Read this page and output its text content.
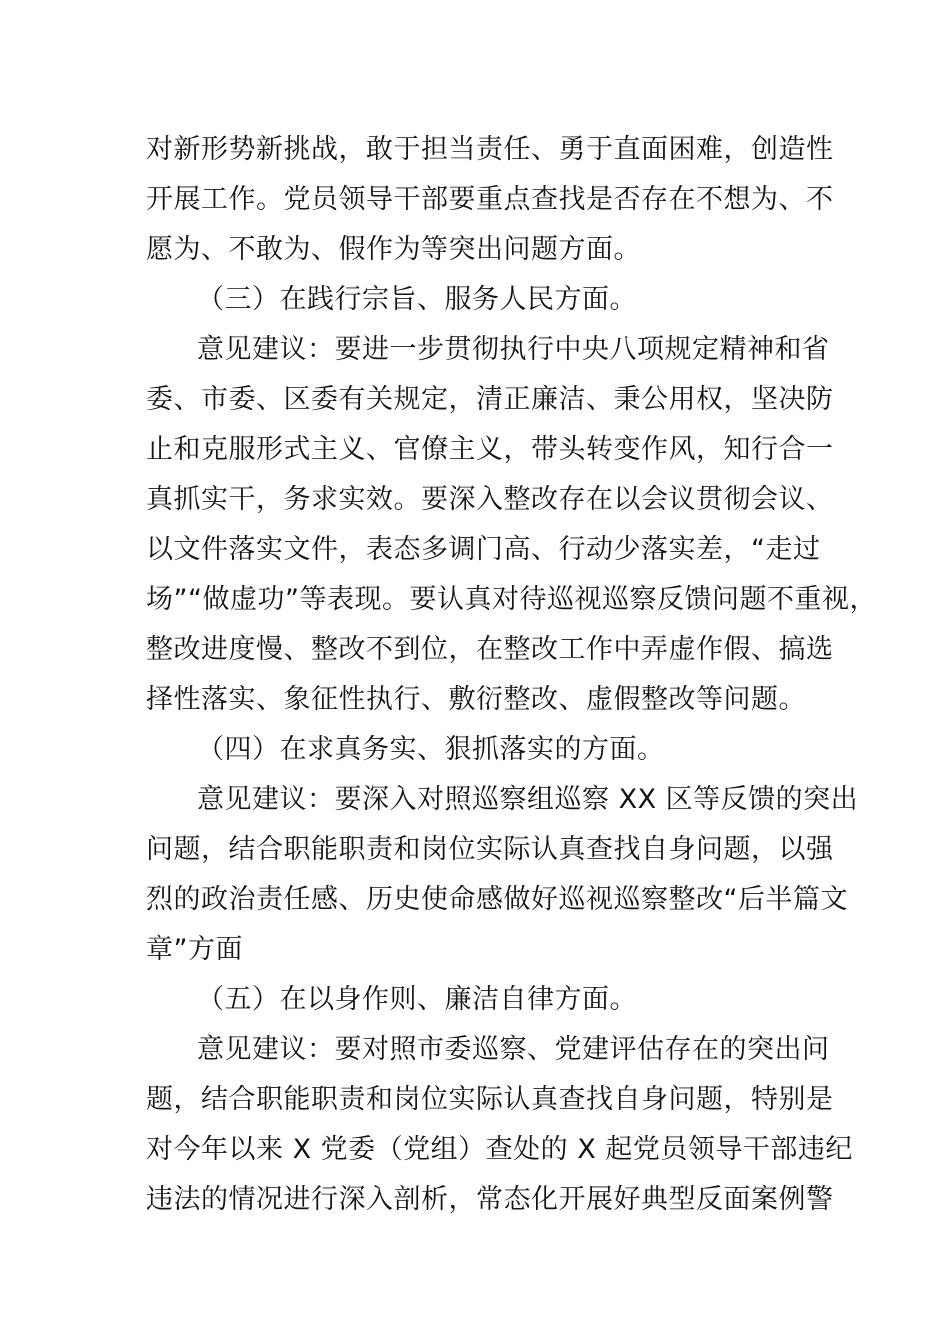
对新形势新挑战，敢于担当责任、勇于直面困难，创造性
开展工作。党员领导干部要重点查找是否存在不想为、不
愿为、不敢为、假作为等突出问题方面。
（三）在践行宗旨、服务人民方面。
意见建议：要进一步贯彻执行中央八项规定精神和省
委、市委、区委有关规定，清正廉洁、秉公用权，坚决防
止和克服形式主义、官僚主义，带头转变作风，知行合一
真抓实干，务求实效。要深入整改存在以会议贯彻会议、
以文件落实文件，表态多调门高、行动少落实差，“走过
场”“做虚功”等表现。要认真对待巡视巡察反馈问题不重视，
整改进度慢、整改不到位，在整改工作中弄虚作假、搞选
择性落实、象征性执行、敷衍整改、虚假整改等问题。
（四）在求真务实、狠抓落实的方面。
意见建议：要深入对照巡察组巡察 XX 区等反馈的突出
问题，结合职能职责和岗位实际认真查找自身问题，以强
烈的政治责任感、历史使命感做好巡视巡察整改“后半篇文
章”方面
（五）在以身作则、廉洁自律方面。
意见建议：要对照市委巡察、党建评估存在的突出问
题，结合职能职责和岗位实际认真查找自身问题，特别是
对今年以来 X 党委（党组）查处的 X 起党员领导干部违纪
违法的情况进行深入剖析，常态化开展好典型反面案例警
